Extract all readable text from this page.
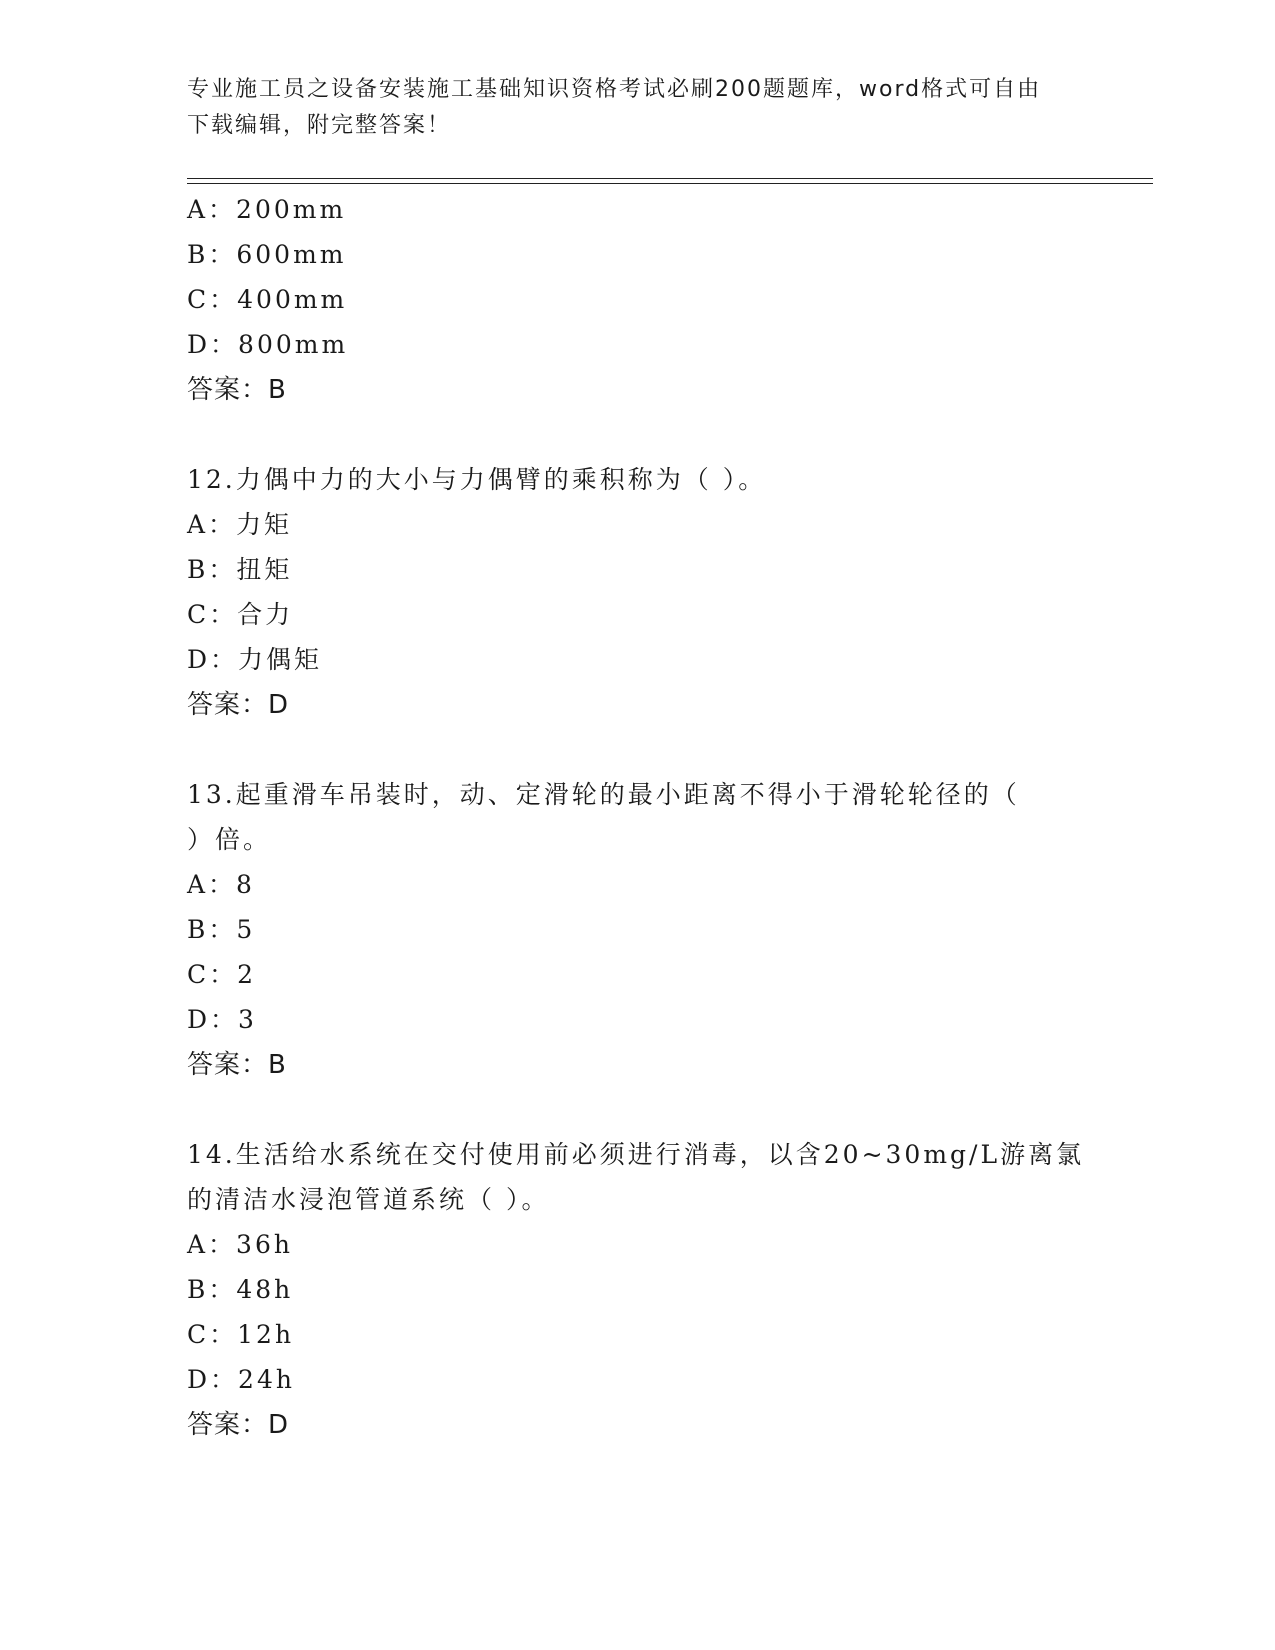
专业施工员之设备安装施工基础知识资格考试必刷200题题库，word格式可自由
下载编辑，附完整答案！
A：200mm
B：600mm
C：400mm
D：800mm
答案：B
12.力偶中力的大小与力偶臂的乘积称为（ ）。
A：力矩
B：扭矩
C：合力
D：力偶矩
答案：D
13.起重滑车吊装时，动、定滑轮的最小距离不得小于滑轮轮径的（
）倍。
A：8
B：5
C：2
D：3
答案：B
14.生活给水系统在交付使用前必须进行消毒，以含20~30mg/L游离氯
的清洁水浸泡管道系统（ ）。
A：36h
B：48h
C：12h
D：24h
答案：D
